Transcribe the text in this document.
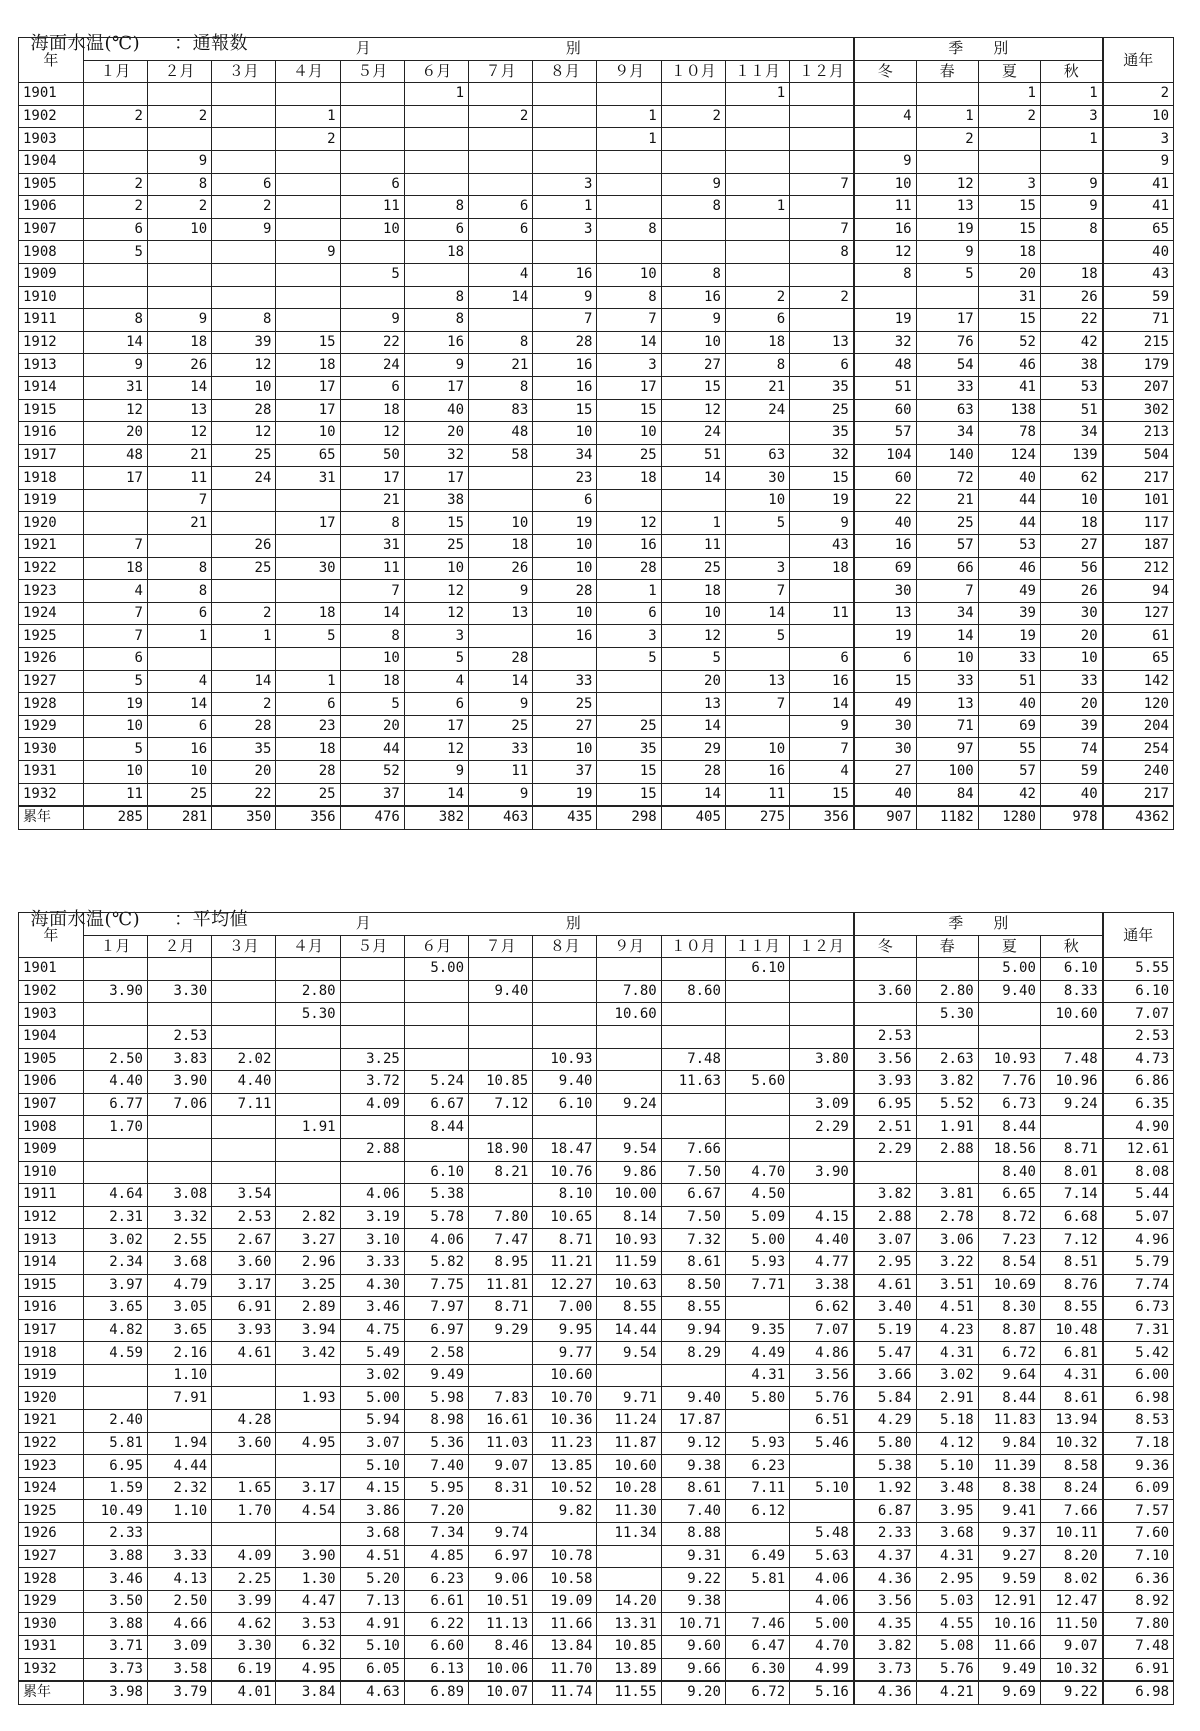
海面水温(℃) ：通報数

年	月　　　　　　　　　　　　　別												季　　別				通年
	１月	２月	３月	４月	５月	６月	７月	８月	９月	１０月	１１月	１２月	冬	春	夏	秋	
1901						1					1				1	1	2
1902	2	2		1			2		1	2			4	1	2	3	10
1903				2					1					2		1	3
1904		9											9				9
1905	2	8	6		6			3		9		7	10	12	3	9	41
1906	2	2	2		11	8	6	1		8	1		11	13	15	9	41
1907	6	10	9		10	6	6	3	8			7	16	19	15	8	65
1908	5			9		18						8	12	9	18		40
1909					5		4	16	10	8			8	5	20	18	43
1910						8	14	9	8	16	2	2			31	26	59
1911	8	9	8		9	8		7	7	9	6		19	17	15	22	71
1912	14	18	39	15	22	16	8	28	14	10	18	13	32	76	52	42	215
1913	9	26	12	18	24	9	21	16	3	27	8	6	48	54	46	38	179
1914	31	14	10	17	6	17	8	16	17	15	21	35	51	33	41	53	207
1915	12	13	28	17	18	40	83	15	15	12	24	25	60	63	138	51	302
1916	20	12	12	10	12	20	48	10	10	24		35	57	34	78	34	213
1917	48	21	25	65	50	32	58	34	25	51	63	32	104	140	124	139	504
1918	17	11	24	31	17	17		23	18	14	30	15	60	72	40	62	217
1919		7			21	38		6			10	19	22	21	44	10	101
1920		21		17	8	15	10	19	12	1	5	9	40	25	44	18	117
1921	7		26		31	25	18	10	16	11		43	16	57	53	27	187
1922	18	8	25	30	11	10	26	10	28	25	3	18	69	66	46	56	212
1923	4	8			7	12	9	28	1	18	7		30	7	49	26	94
1924	7	6	2	18	14	12	13	10	6	10	14	11	13	34	39	30	127
1925	7	1	1	5	8	3		16	3	12	5		19	14	19	20	61
1926	6				10	5	28		5	5		6	6	10	33	10	65
1927	5	4	14	1	18	4	14	33		20	13	16	15	33	51	33	142
1928	19	14	2	6	5	6	9	25		13	7	14	49	13	40	20	120
1929	10	6	28	23	20	17	25	27	25	14		9	30	71	69	39	204
1930	5	16	35	18	44	12	33	10	35	29	10	7	30	97	55	74	254
1931	10	10	20	28	52	9	11	37	15	28	16	4	27	100	57	59	240
1932	11	25	22	25	37	14	9	19	15	14	11	15	40	84	42	40	217
累年	285	281	350	356	476	382	463	435	298	405	275	356	907	1182	1280	978	4362

海面水温(℃) ：平均値

年	月　　　　　　　　　　　　　別												季　　別				通年
	１月	２月	３月	４月	５月	６月	７月	８月	９月	１０月	１１月	１２月	冬	春	夏	秋	
1901						5.00					6.10				5.00	6.10	5.55
1902	3.90	3.30		2.80			9.40		7.80	8.60			3.60	2.80	9.40	8.33	6.10
1903				5.30					10.60					5.30		10.60	7.07
1904		2.53											2.53				2.53
1905	2.50	3.83	2.02		3.25			10.93		7.48		3.80	3.56	2.63	10.93	7.48	4.73
1906	4.40	3.90	4.40		3.72	5.24	10.85	9.40		11.63	5.60		3.93	3.82	7.76	10.96	6.86
1907	6.77	7.06	7.11		4.09	6.67	7.12	6.10	9.24			3.09	6.95	5.52	6.73	9.24	6.35
1908	1.70			1.91		8.44						2.29	2.51	1.91	8.44		4.90
1909					2.88		18.90	18.47	9.54	7.66			2.29	2.88	18.56	8.71	12.61
1910						6.10	8.21	10.76	9.86	7.50	4.70	3.90			8.40	8.01	8.08
1911	4.64	3.08	3.54		4.06	5.38		8.10	10.00	6.67	4.50		3.82	3.81	6.65	7.14	5.44
1912	2.31	3.32	2.53	2.82	3.19	5.78	7.80	10.65	8.14	7.50	5.09	4.15	2.88	2.78	8.72	6.68	5.07
1913	3.02	2.55	2.67	3.27	3.10	4.06	7.47	8.71	10.93	7.32	5.00	4.40	3.07	3.06	7.23	7.12	4.96
1914	2.34	3.68	3.60	2.96	3.33	5.82	8.95	11.21	11.59	8.61	5.93	4.77	2.95	3.22	8.54	8.51	5.79
1915	3.97	4.79	3.17	3.25	4.30	7.75	11.81	12.27	10.63	8.50	7.71	3.38	4.61	3.51	10.69	8.76	7.74
1916	3.65	3.05	6.91	2.89	3.46	7.97	8.71	7.00	8.55	8.55		6.62	3.40	4.51	8.30	8.55	6.73
1917	4.82	3.65	3.93	3.94	4.75	6.97	9.29	9.95	14.44	9.94	9.35	7.07	5.19	4.23	8.87	10.48	7.31
1918	4.59	2.16	4.61	3.42	5.49	2.58		9.77	9.54	8.29	4.49	4.86	5.47	4.31	6.72	6.81	5.42
1919		1.10			3.02	9.49		10.60			4.31	3.56	3.66	3.02	9.64	4.31	6.00
1920		7.91		1.93	5.00	5.98	7.83	10.70	9.71	9.40	5.80	5.76	5.84	2.91	8.44	8.61	6.98
1921	2.40		4.28		5.94	8.98	16.61	10.36	11.24	17.87		6.51	4.29	5.18	11.83	13.94	8.53
1922	5.81	1.94	3.60	4.95	3.07	5.36	11.03	11.23	11.87	9.12	5.93	5.46	5.80	4.12	9.84	10.32	7.18
1923	6.95	4.44			5.10	7.40	9.07	13.85	10.60	9.38	6.23		5.38	5.10	11.39	8.58	9.36
1924	1.59	2.32	1.65	3.17	4.15	5.95	8.31	10.52	10.28	8.61	7.11	5.10	1.92	3.48	8.38	8.24	6.09
1925	10.49	1.10	1.70	4.54	3.86	7.20		9.82	11.30	7.40	6.12		6.87	3.95	9.41	7.66	7.57
1926	2.33				3.68	7.34	9.74		11.34	8.88		5.48	2.33	3.68	9.37	10.11	7.60
1927	3.88	3.33	4.09	3.90	4.51	4.85	6.97	10.78		9.31	6.49	5.63	4.37	4.31	9.27	8.20	7.10
1928	3.46	4.13	2.25	1.30	5.20	6.23	9.06	10.58		9.22	5.81	4.06	4.36	2.95	9.59	8.02	6.36
1929	3.50	2.50	3.99	4.47	7.13	6.61	10.51	19.09	14.20	9.38		4.06	3.56	5.03	12.91	12.47	8.92
1930	3.88	4.66	4.62	3.53	4.91	6.22	11.13	11.66	13.31	10.71	7.46	5.00	4.35	4.55	10.16	11.50	7.80
1931	3.71	3.09	3.30	6.32	5.10	6.60	8.46	13.84	10.85	9.60	6.47	4.70	3.82	5.08	11.66	9.07	7.48
1932	3.73	3.58	6.19	4.95	6.05	6.13	10.06	11.70	13.89	9.66	6.30	4.99	3.73	5.76	9.49	10.32	6.91
累年	3.98	3.79	4.01	3.84	4.63	6.89	10.07	11.74	11.55	9.20	6.72	5.16	4.36	4.21	9.69	9.22	6.98
